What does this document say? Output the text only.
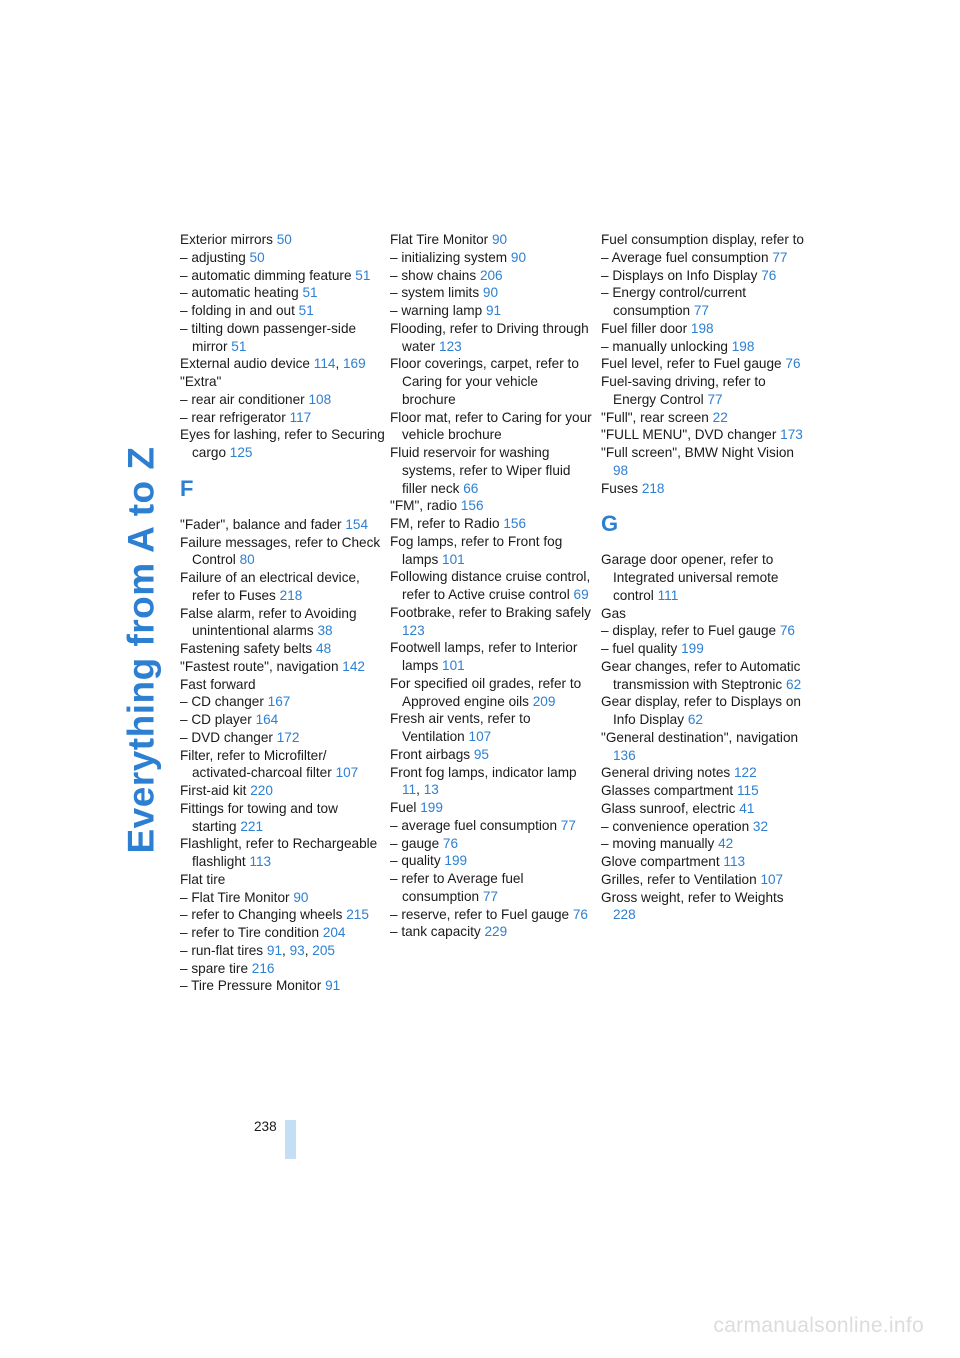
Everything from A to Z
Exterior mirrors 50
– adjusting 50
– automatic dimming feature 51
– automatic heating 51
– folding in and out 51
– tilting down passenger-side mirror 51
External audio device 114, 169
"Extra"
– rear air conditioner 108
– rear refrigerator 117
Eyes for lashing, refer to Securing cargo 125
F
"Fader", balance and fader 154
Failure messages, refer to Check Control 80
Failure of an electrical device, refer to Fuses 218
False alarm, refer to Avoiding unintentional alarms 38
Fastening safety belts 48
"Fastest route", navigation 142
Fast forward
– CD changer 167
– CD player 164
– DVD changer 172
Filter, refer to Microfilter/ activated-charcoal filter 107
First-aid kit 220
Fittings for towing and tow starting 221
Flashlight, refer to Rechargeable flashlight 113
Flat tire
– Flat Tire Monitor 90
– refer to Changing wheels 215
– refer to Tire condition 204
– run-flat tires 91, 93, 205
– spare tire 216
– Tire Pressure Monitor 91
Flat Tire Monitor 90
– initializing system 90
– show chains 206
– system limits 90
– warning lamp 91
Flooding, refer to Driving through water 123
Floor coverings, carpet, refer to Caring for your vehicle brochure
Floor mat, refer to Caring for your vehicle brochure
Fluid reservoir for washing systems, refer to Wiper fluid filler neck 66
"FM", radio 156
FM, refer to Radio 156
Fog lamps, refer to Front fog lamps 101
Following distance cruise control, refer to Active cruise control 69
Footbrake, refer to Braking safely 123
Footwell lamps, refer to Interior lamps 101
For specified oil grades, refer to Approved engine oils 209
Fresh air vents, refer to Ventilation 107
Front airbags 95
Front fog lamps, indicator lamp 11, 13
Fuel 199
– average fuel consumption 77
– gauge 76
– quality 199
– refer to Average fuel consumption 77
– reserve, refer to Fuel gauge 76
– tank capacity 229
Fuel consumption display, refer to
– Average fuel consumption 77
– Displays on Info Display 76
– Energy control/current consumption 77
Fuel filler door 198
– manually unlocking 198
Fuel level, refer to Fuel gauge 76
Fuel-saving driving, refer to Energy Control 77
"Full", rear screen 22
"FULL MENU", DVD changer 173
"Full screen", BMW Night Vision 98
Fuses 218
G
Garage door opener, refer to Integrated universal remote control 111
Gas
– display, refer to Fuel gauge 76
– fuel quality 199
Gear changes, refer to Automatic transmission with Steptronic 62
Gear display, refer to Displays on Info Display 62
"General destination", navigation 136
General driving notes 122
Glasses compartment 115
Glass sunroof, electric 41
– convenience operation 32
– moving manually 42
Glove compartment 113
Grilles, refer to Ventilation 107
Gross weight, refer to Weights 228
238
carmanualsonline.info
